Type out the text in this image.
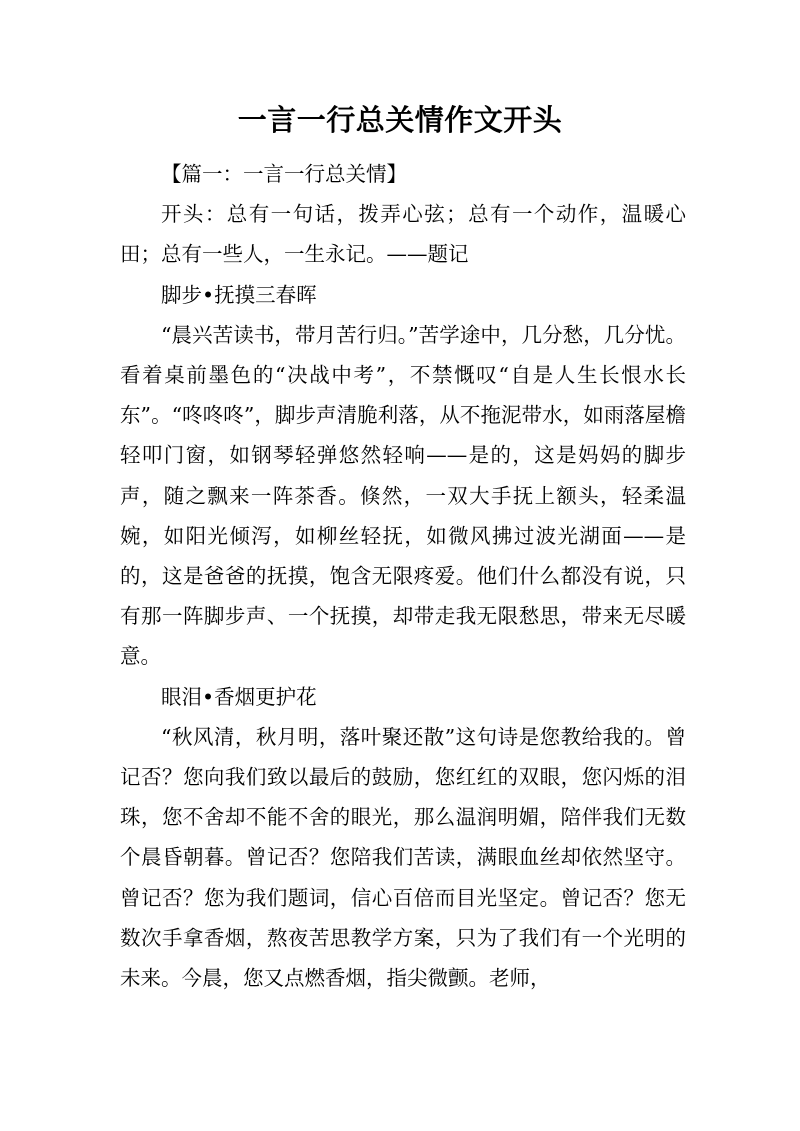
一言一行总关情作文开头

【篇一：一言一行总关情】

开头：总有一句话，拨弄心弦；总有一个动作，温暖心田；总有一些人，一生永记。——题记

脚步•抚摸三春晖

“晨兴苦读书，带月苦行归。”苦学途中，几分愁，几分忧。看着桌前墨色的“决战中考”，不禁慨叹“自是人生长恨水长东”。“咚咚咚”，脚步声清脆利落，从不拖泥带水，如雨落屋檐轻叩门窗，如钢琴轻弹悠然轻响——是的，这是妈妈的脚步声，随之飘来一阵茶香。倏然，一双大手抚上额头，轻柔温婉，如阳光倾泻，如柳丝轻抚，如微风拂过波光湖面——是的，这是爸爸的抚摸，饱含无限疼爱。他们什么都没有说，只有那一阵脚步声、一个抚摸，却带走我无限愁思，带来无尽暖意。

眼泪•香烟更护花

“秋风清，秋月明，落叶聚还散”这句诗是您教给我的。曾记否？您向我们致以最后的鼓励，您红红的双眼，您闪烁的泪珠，您不舍却不能不舍的眼光，那么温润明媚，陪伴我们无数个晨昏朝暮。曾记否？您陪我们苦读，满眼血丝却依然坚守。曾记否？您为我们题词，信心百倍而目光坚定。曾记否？您无数次手拿香烟，熬夜苦思教学方案，只为了我们有一个光明的未来。今晨，您又点燃香烟，指尖微颤。老师，
